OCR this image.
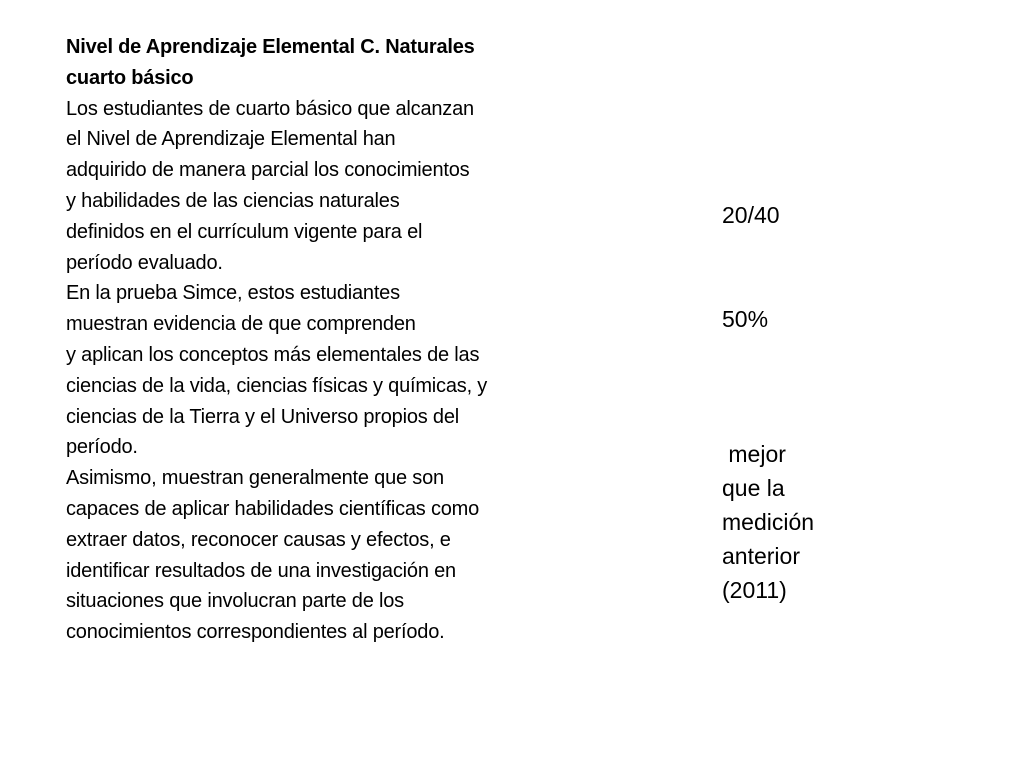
Nivel de Aprendizaje Elemental C. Naturales
cuarto básico
Los estudiantes de cuarto básico que alcanzan
el Nivel de Aprendizaje Elemental han
adquirido de manera parcial los conocimientos
y habilidades de las ciencias naturales
definidos en el currículum vigente para el
período evaluado.
En la prueba Simce, estos estudiantes
muestran evidencia de que comprenden
y aplican los conceptos más elementales de las
ciencias de la vida, ciencias físicas y químicas, y
ciencias de la Tierra y el Universo propios del
período.
Asimismo, muestran generalmente que son
capaces de aplicar habilidades científicas como
extraer datos, reconocer causas y efectos, e
identificar resultados de una investigación en
situaciones que involucran parte de los
conocimientos correspondientes al período.
20/40
50%
mejor
que la
medición
anterior
(2011)
